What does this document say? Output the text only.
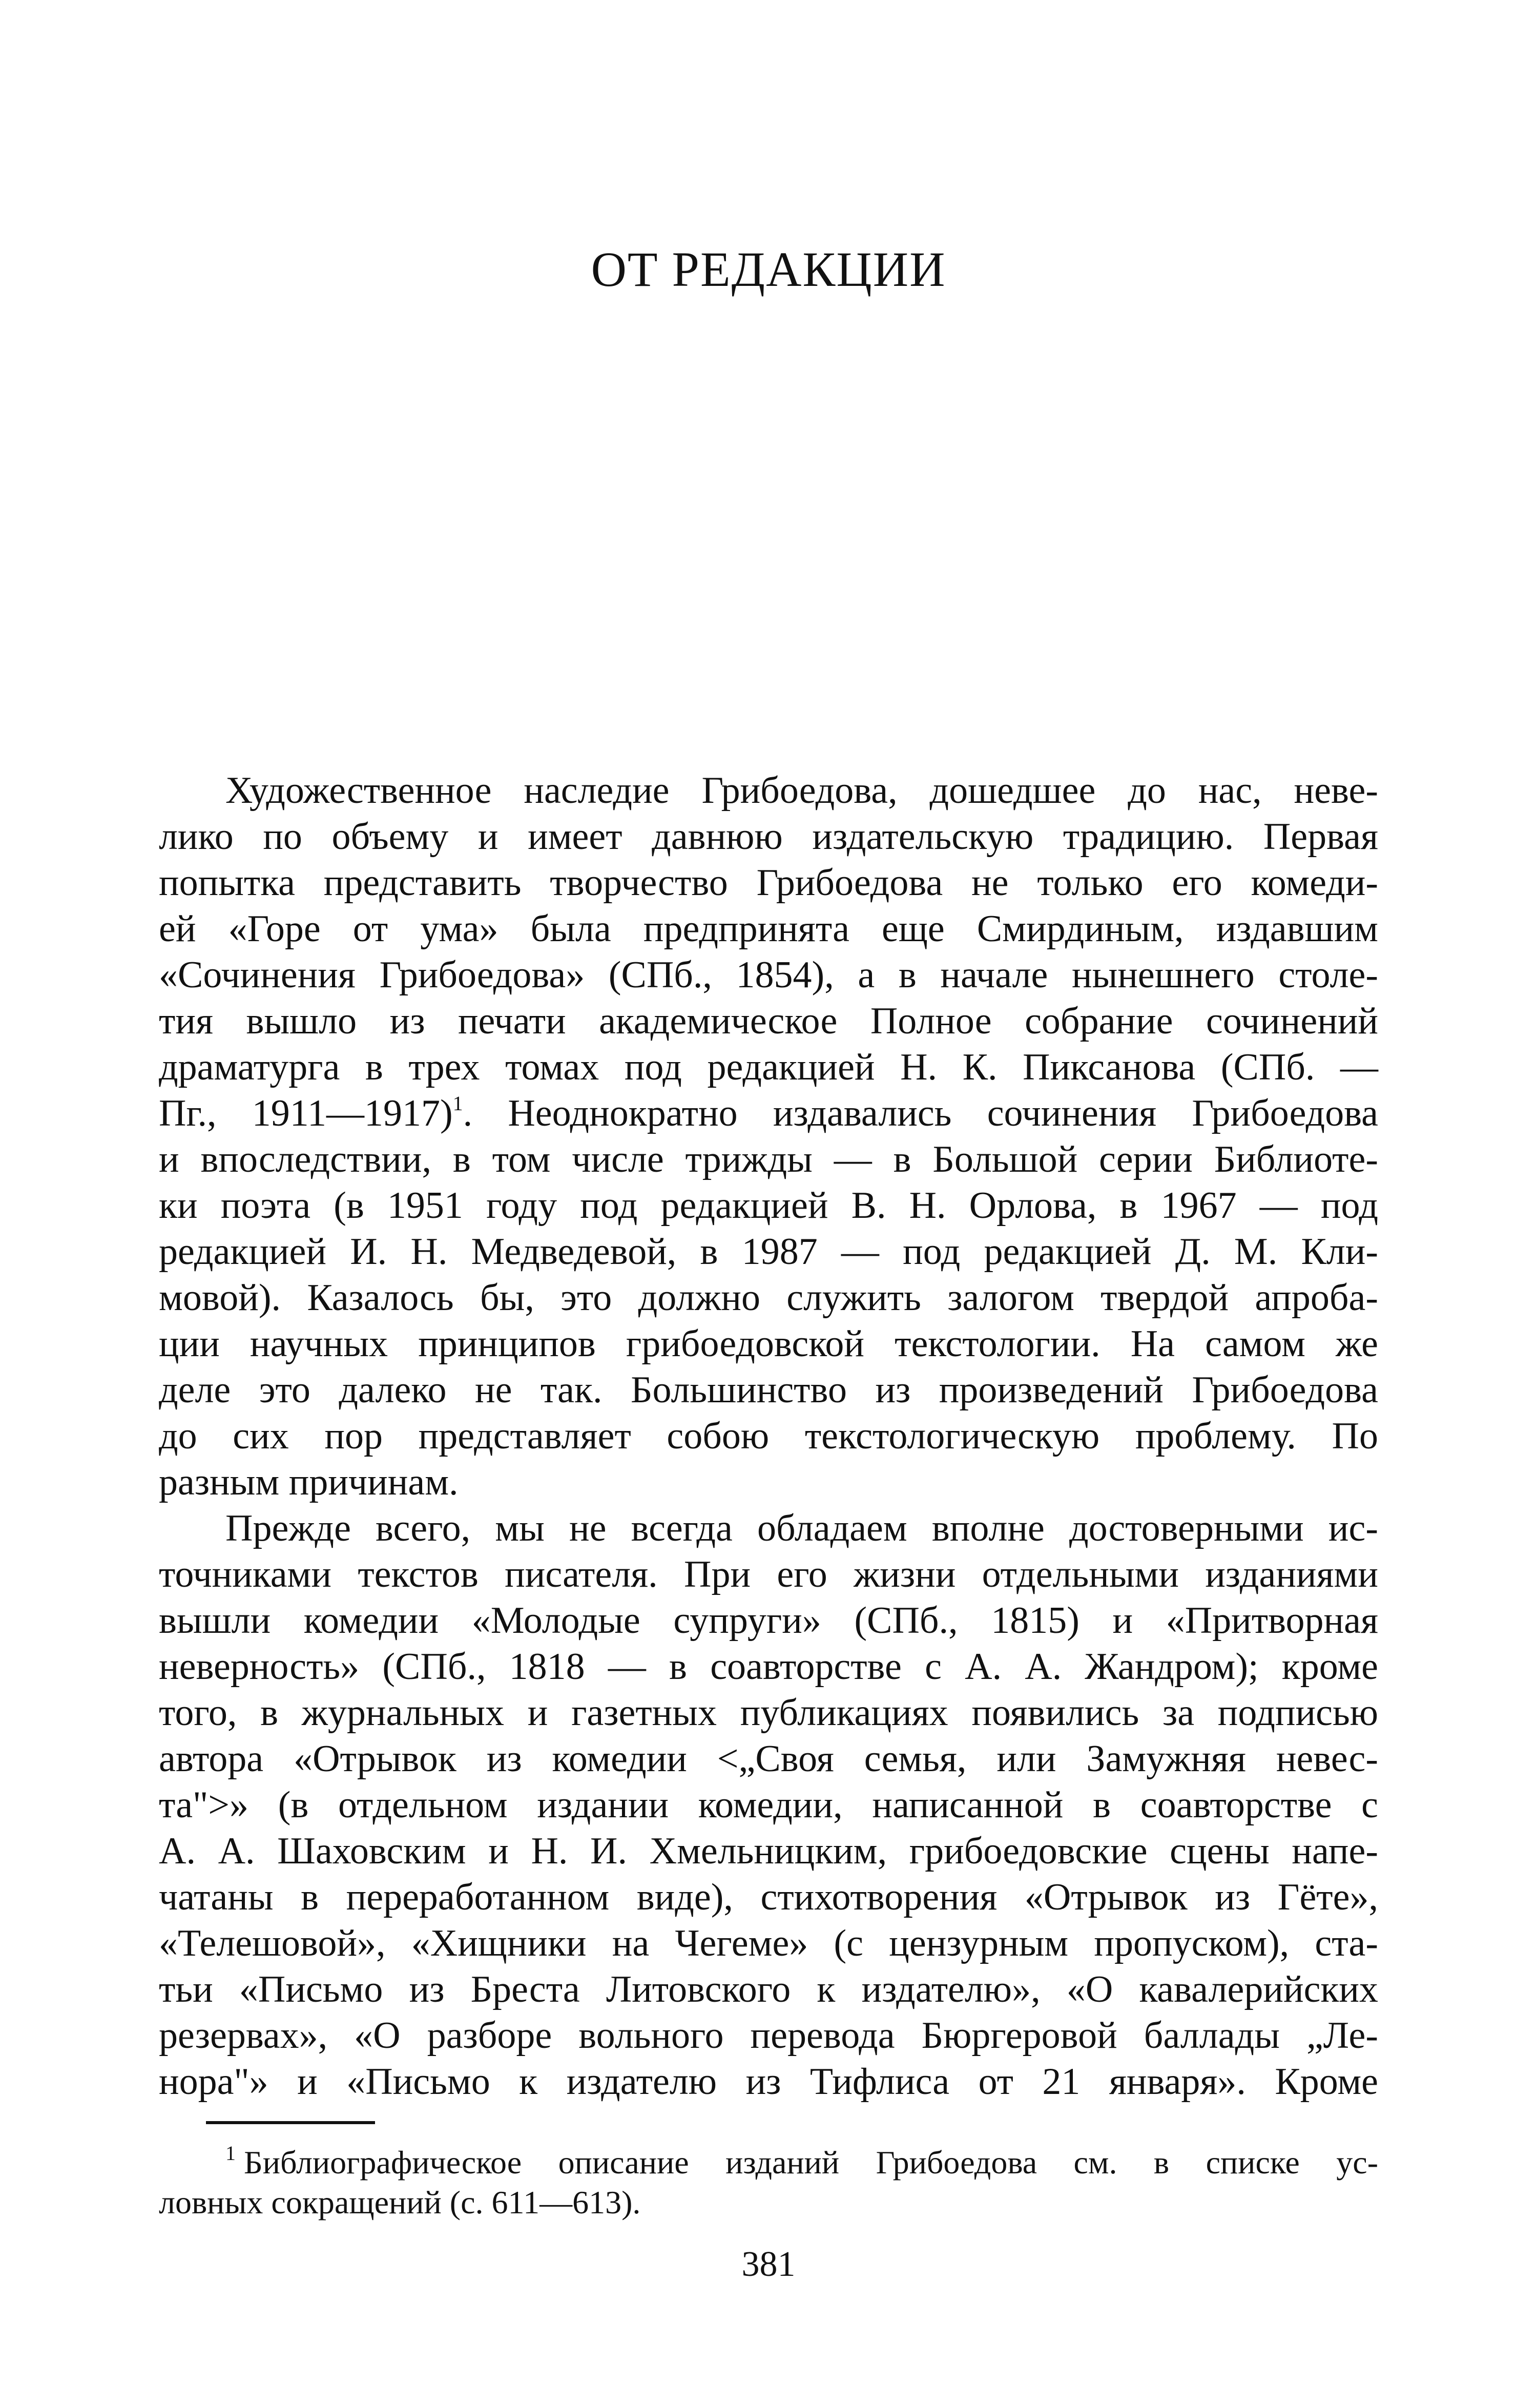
ОТ РЕДАКЦИИ
Художественное наследие Грибоедова, дошедшее до нас, неве-
лико по объему и имеет давнюю издательскую традицию. Первая
попытка представить творчество Грибоедова не только его комеди-
ей «Горе от ума» была предпринята еще Смирдиным, издавшим
«Сочинения Грибоедова» (СПб., 1854), а в начале нынешнего столе-
тия вышло из печати академическое Полное собрание сочинений
драматурга в трех томах под редакцией Н. К. Пиксанова (СПб. —
Пг., 1911—1917)$^1$. Неоднократно издавались сочинения Грибоедова
и впоследствии, в том числе трижды — в Большой серии Библиоте-
ки поэта (в 1951 году под редакцией В. Н. Орлова, в 1967 — под
редакцией И. Н. Медведевой, в 1987 — под редакцией Д. М. Кли-
мовой). Казалось бы, это должно служить залогом твердой апроба-
ции научных принципов грибоедовской текстологии. На самом же
деле это далеко не так. Большинство из произведений Грибоедова
до сих пор представляет собою текстологическую проблему. По
разным причинам.
Прежде всего, мы не всегда обладаем вполне достоверными ис-
точниками текстов писателя. При его жизни отдельными изданиями
вышли комедии «Молодые супруги» (СПб., 1815) и «Притворная
неверность» (СПб., 1818 — в соавторстве с А. А. Жандром); кроме
того, в журнальных и газетных публикациях появились за подписью
автора «Отрывок из комедии <„Своя семья, или Замужняя невес-
та">» (в отдельном издании комедии, написанной в соавторстве с
А. А. Шаховским и Н. И. Хмельницким, грибоедовские сцены напе-
чатаны в переработанном виде), стихотворения «Отрывок из Гёте»,
«Телешовой», «Хищники на Чегеме» (с цензурным пропуском), ста-
тьи «Письмо из Бреста Литовского к издателю», «О кавалерийских
резервах», «О разборе вольного перевода Бюргеровой баллады „Ле-
нора"» и «Письмо к издателю из Тифлиса от 21 января». Кроме
$^1$ Библиографическое описание изданий Грибоедова см. в списке ус-
ловных сокращений (с. 611—613).
381
